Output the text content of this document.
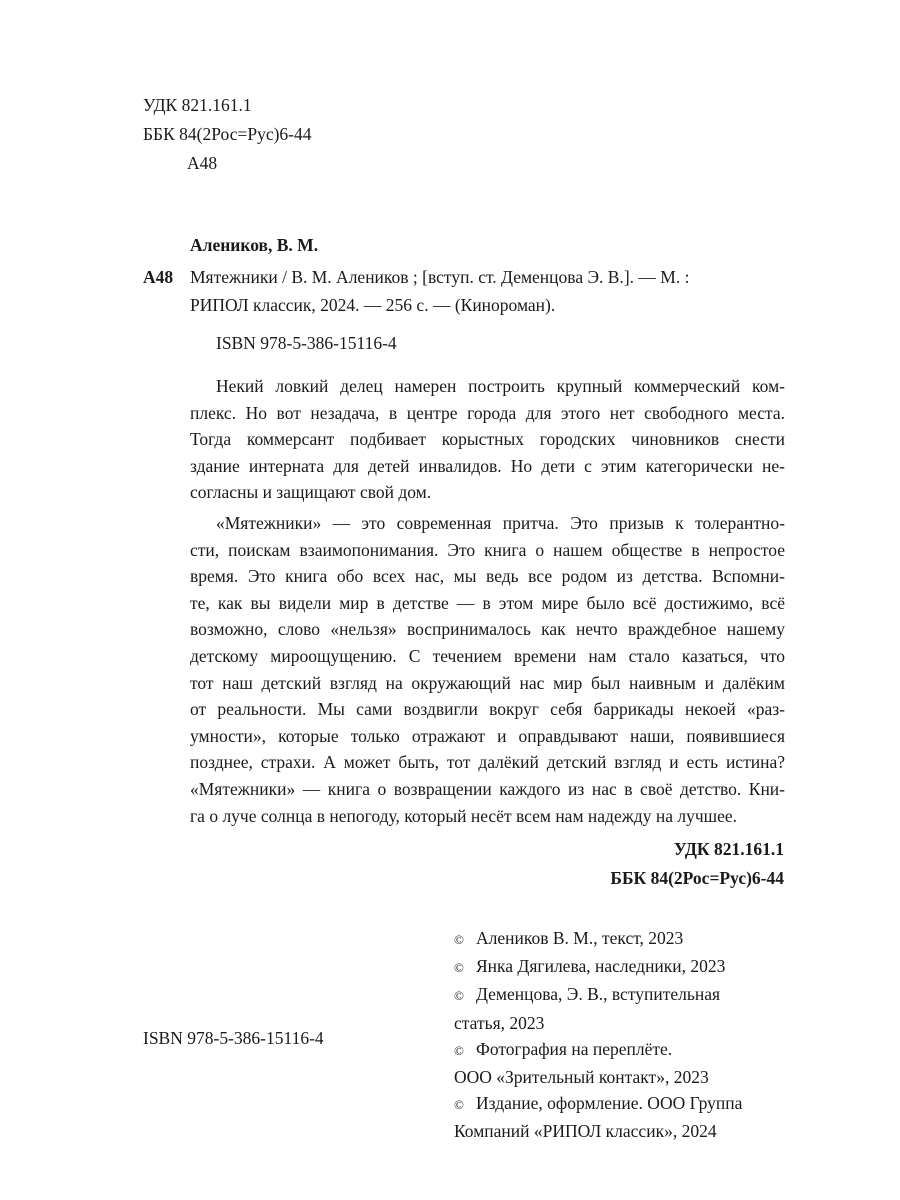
УДК 821.161.1
ББК 84(2Рос=Рус)6-44
А48
Алеников, В. М.
А48 Мятежники / В. М. Алеников ; [вступ. ст. Деменцова Э. В.]. — М. :
РИПОЛ классик, 2024. — 256 с. — (Кинороман).
ISBN 978-5-386-15116-4
Некий ловкий делец намерен построить крупный коммерческий ком-
плекс. Но вот незадача, в центре города для этого нет свободного места.
Тогда коммерсант подбивает корыстных городских чиновников снести
здание интерната для детей инвалидов. Но дети с этим категорически не-
согласны и защищают свой дом.
«Мятежники» — это современная притча. Это призыв к толерантно-
сти, поискам взаимопонимания. Это книга о нашем обществе в непростое
время. Это книга обо всех нас, мы ведь все родом из детства. Вспомни-
те, как вы видели мир в детстве — в этом мире было всё достижимо, всё
возможно, слово «нельзя» воспринималось как нечто враждебное нашему
детскому мироощущению. С течением времени нам стало казаться, что
тот наш детский взгляд на окружающий нас мир был наивным и далёким
от реальности. Мы сами воздвигли вокруг себя баррикады некоей «раз-
умности», которые только отражают и оправдывают наши, появившиеся
позднее, страхи. А может быть, тот далёкий детский взгляд и есть истина?
«Мятежники» — книга о возвращении каждого из нас в своё детство. Кни-
га о луче солнца в непогоду, который несёт всем нам надежду на лучшее.
УДК 821.161.1
ББК 84(2Рос=Рус)6-44
ISBN 978-5-386-15116-4
© Алеников В. М., текст, 2023
© Янка Дягилева, наследники, 2023
© Деменцова, Э. В., вступительная
статья, 2023
© Фотография на переплёте.
ООО «Зрительный контакт», 2023
© Издание, оформление. ООО Группа
Компаний «РИПОЛ классик», 2024
